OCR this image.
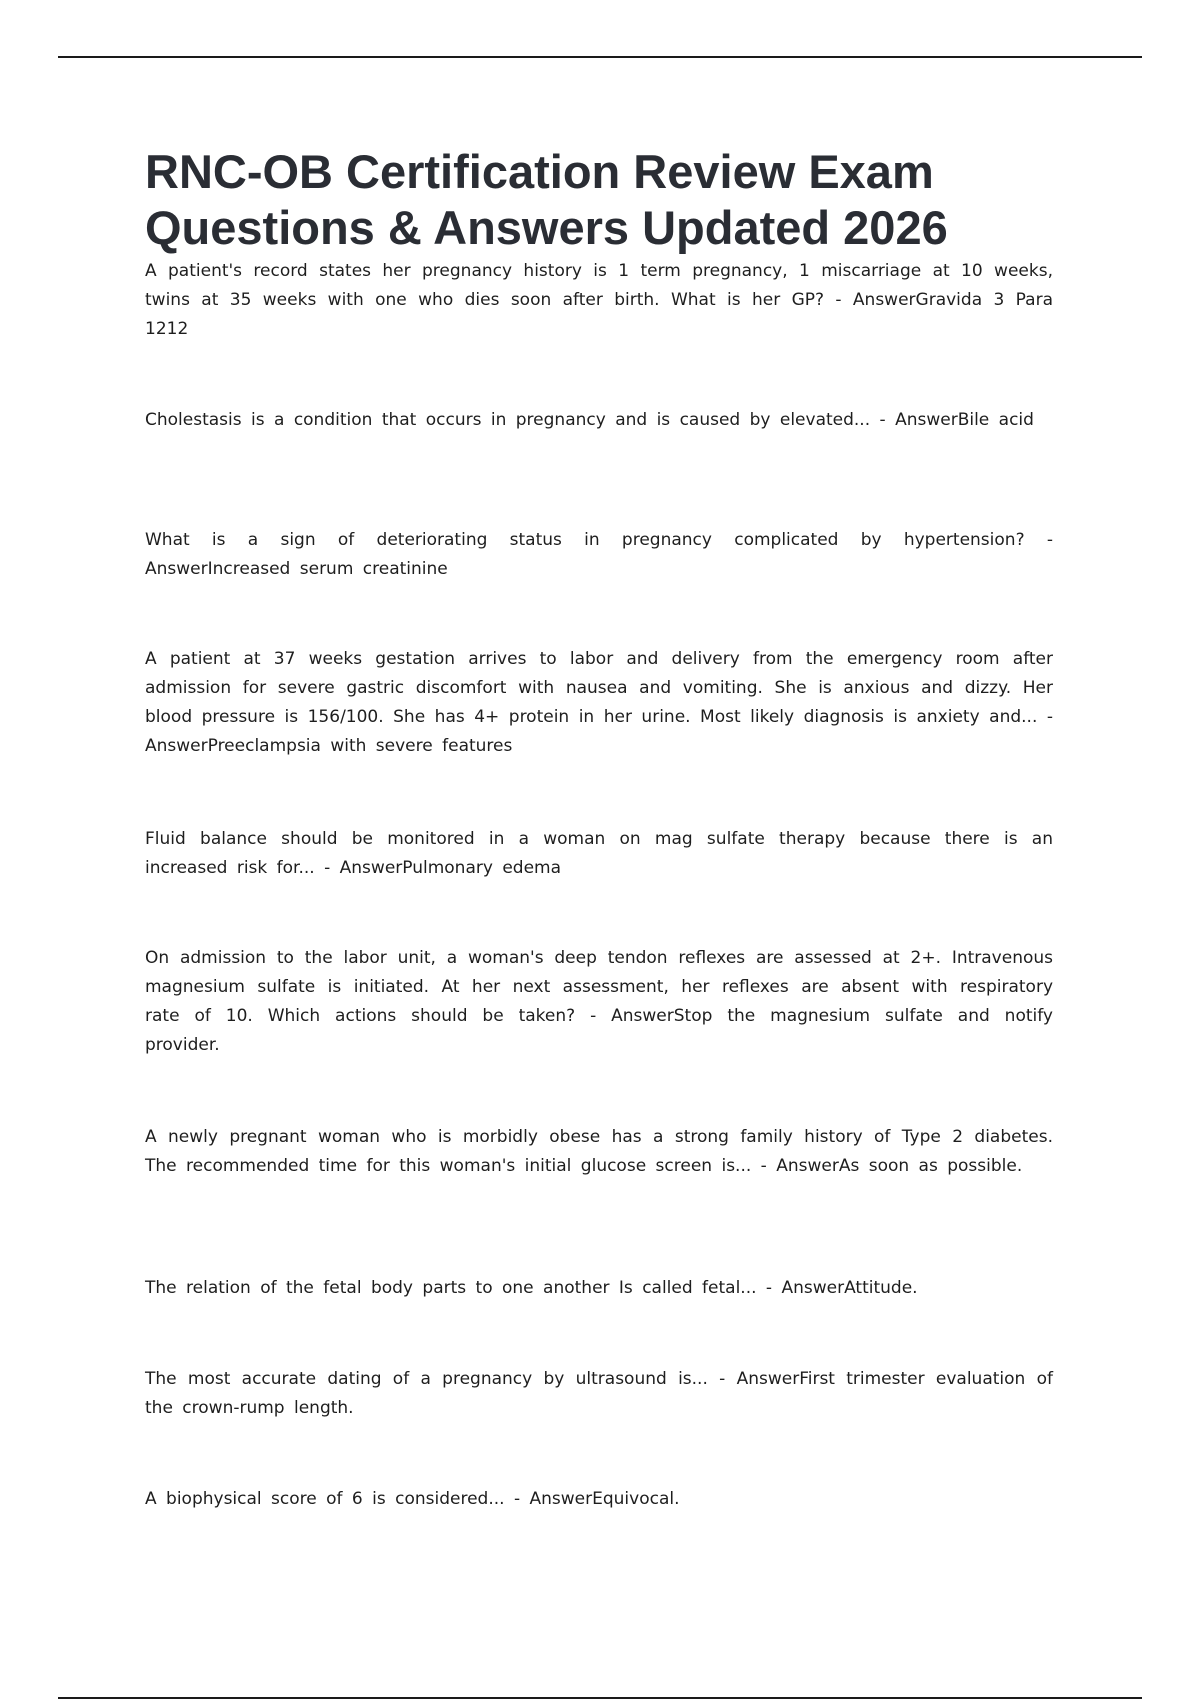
RNC-OB Certification Review Exam Questions & Answers Updated 2026
A patient's record states her pregnancy history is 1 term pregnancy, 1 miscarriage at 10 weeks, twins at 35 weeks with one who dies soon after birth. What is her GP? - AnswerGravida 3 Para 1212
Cholestasis is a condition that occurs in pregnancy and is caused by elevated... - AnswerBile acid
What is a sign of deteriorating status in pregnancy complicated by hypertension? - AnswerIncreased serum creatinine
A patient at 37 weeks gestation arrives to labor and delivery from the emergency room after admission for severe gastric discomfort with nausea and vomiting. She is anxious and dizzy. Her blood pressure is 156/100. She has 4+ protein in her urine. Most likely diagnosis is anxiety and... - AnswerPreeclampsia with severe features
Fluid balance should be monitored in a woman on mag sulfate therapy because there is an increased risk for... - AnswerPulmonary edema
On admission to the labor unit, a woman's deep tendon reflexes are assessed at 2+. Intravenous magnesium sulfate is initiated. At her next assessment, her reflexes are absent with respiratory rate of 10. Which actions should be taken? - AnswerStop the magnesium sulfate and notify provider.
A newly pregnant woman who is morbidly obese has a strong family history of Type 2 diabetes. The recommended time for this woman's initial glucose screen is... - AnswerAs soon as possible.
The relation of the fetal body parts to one another Is called fetal... - AnswerAttitude.
The most accurate dating of a pregnancy by ultrasound is... - AnswerFirst trimester evaluation of the crown-rump length.
A biophysical score of 6 is considered... - AnswerEquivocal.
